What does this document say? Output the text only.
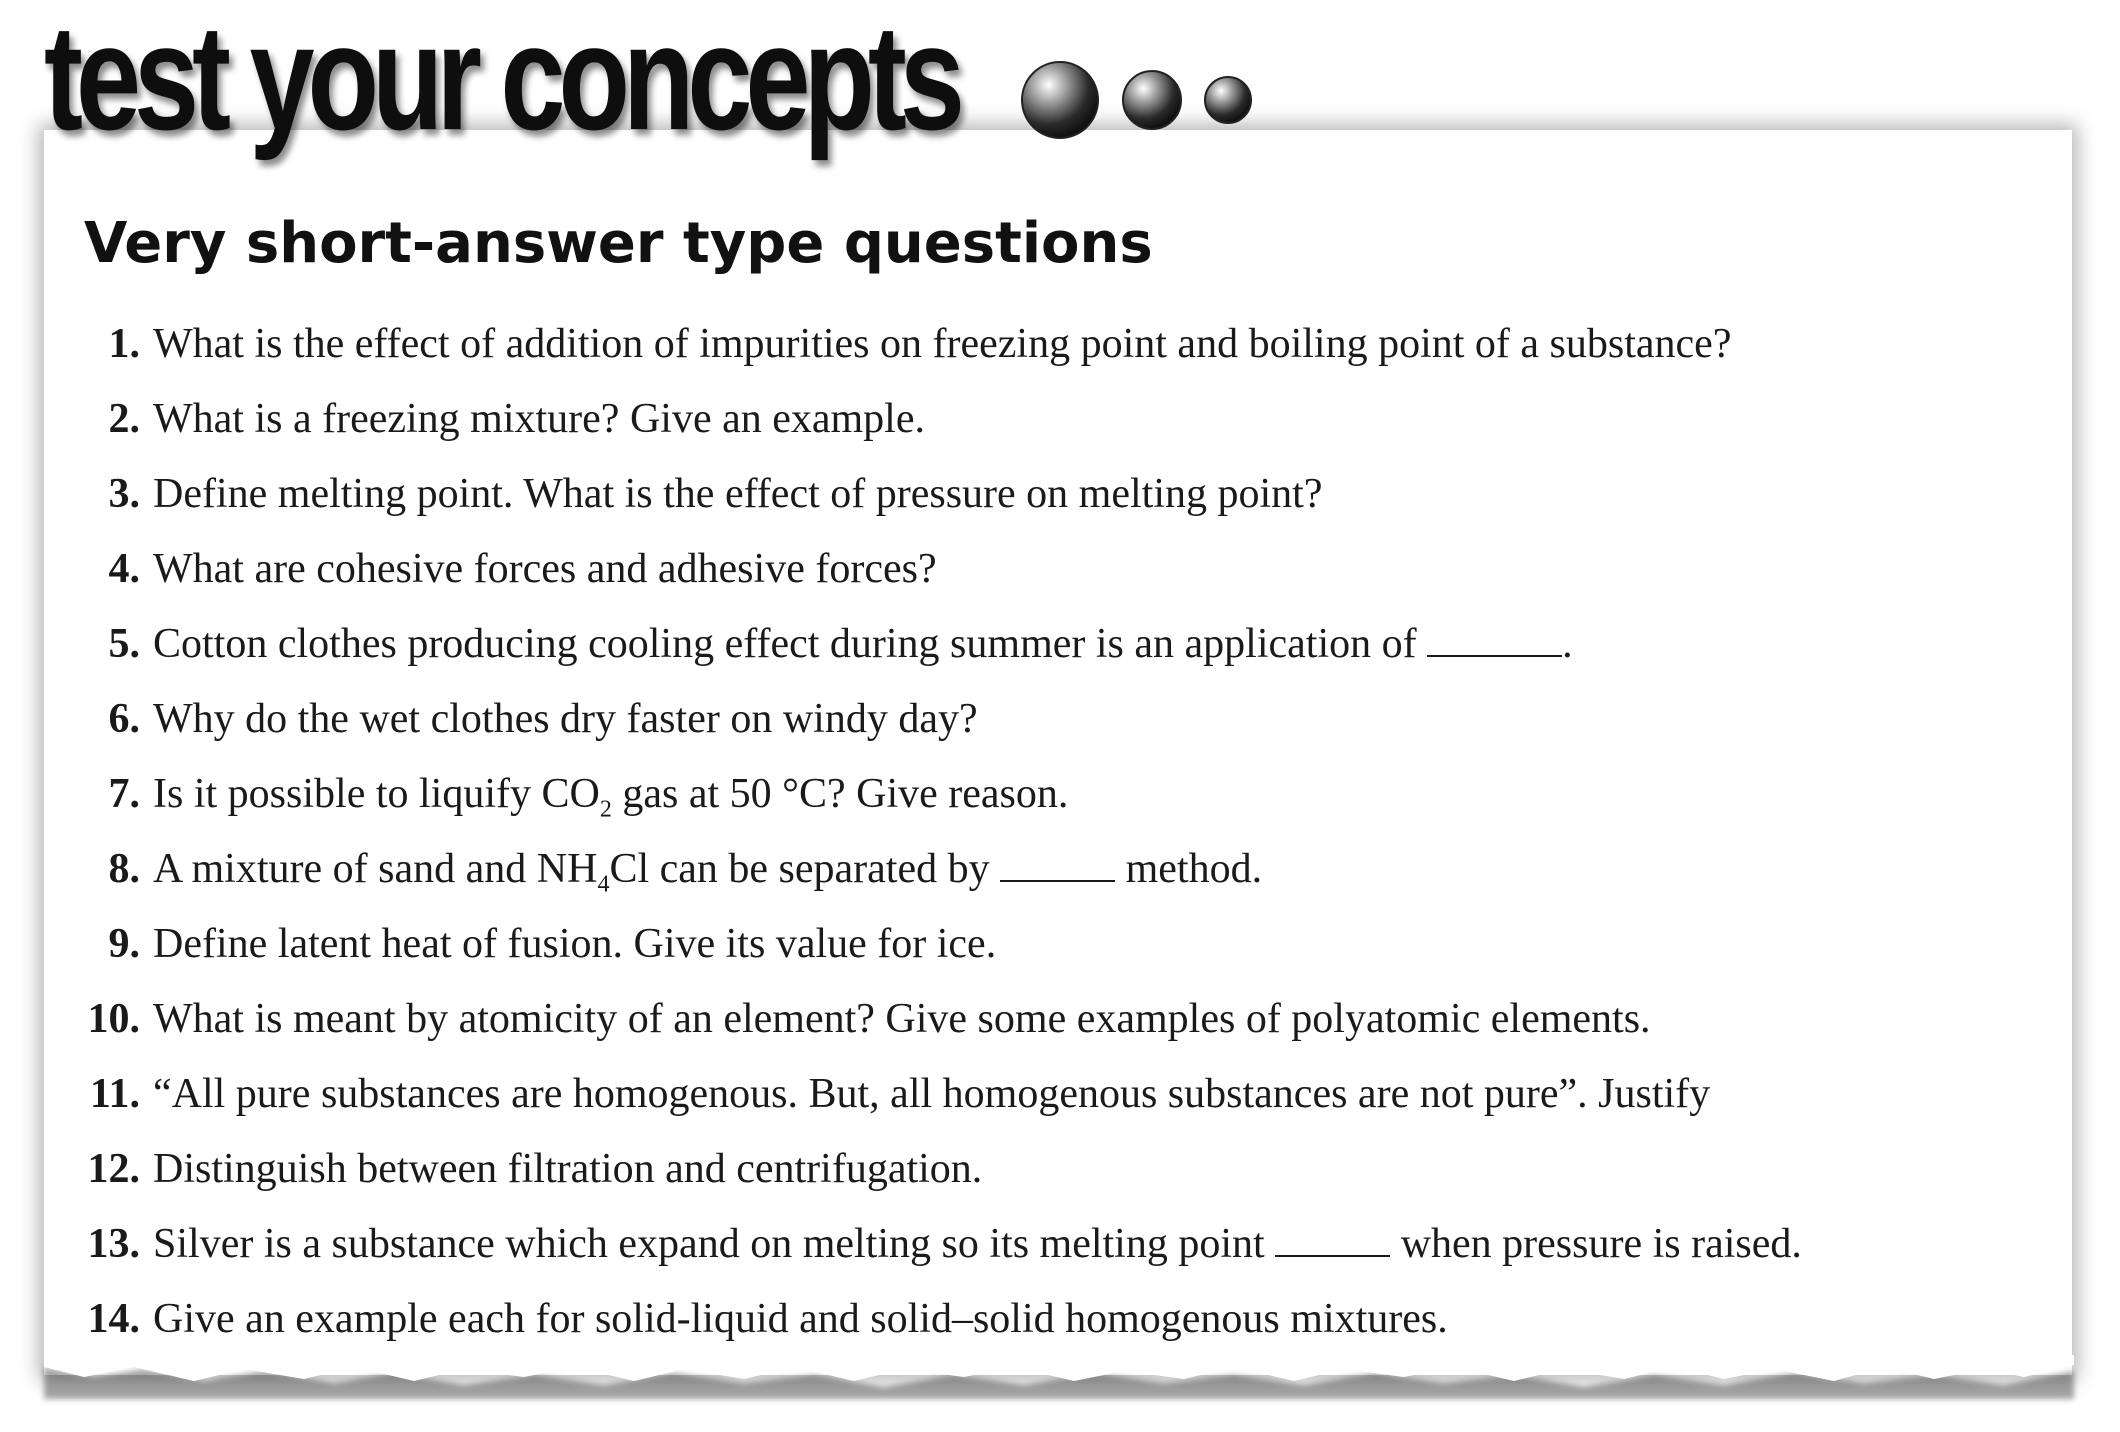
test your concepts
Very short-answer type questions
1. What is the effect of addition of impurities on freezing point and boiling point of a substance?
2. What is a freezing mixture? Give an example.
3. Define melting point. What is the effect of pressure on melting point?
4. What are cohesive forces and adhesive forces?
5. Cotton clothes producing cooling effect during summer is an application of	.
6. Why do the wet clothes dry faster on windy day?
7. Is it possible to liquify $CO_2$ gas at 50 °C? Give reason.
8. A mixture of sand and $NH_4Cl$ can be separated by	method.
9. Define latent heat of fusion. Give its value for ice.
10. What is meant by atomicity of an element? Give some examples of polyatomic elements.
11. “All pure substances are homogenous. But, all homogenous substances are not pure”. Justify
12. Distinguish between filtration and centrifugation.
13. Silver is a substance which expand on melting so its melting point	when pressure is raised.
14. Give an example each for solid-liquid and solid–solid homogenous mixtures.
